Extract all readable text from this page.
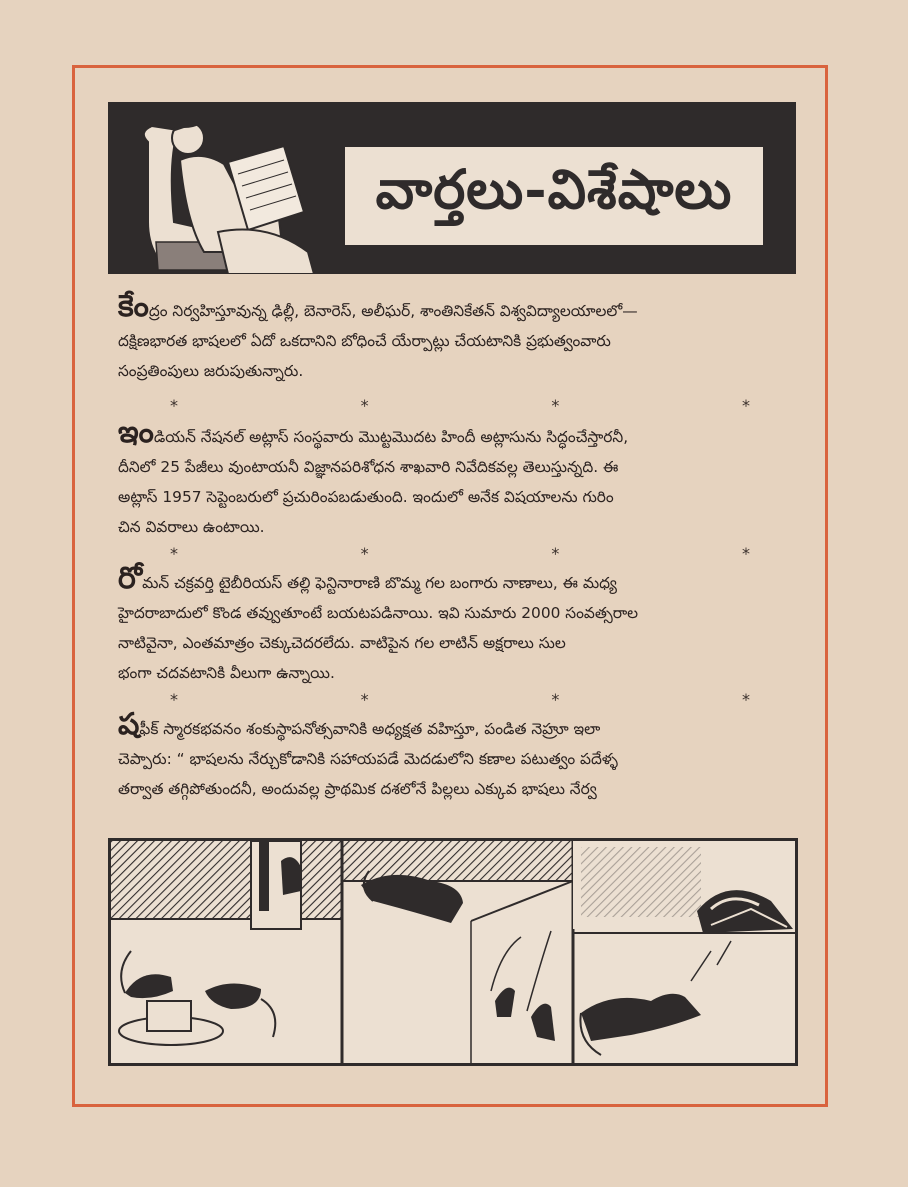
వార్తలు-విశేషాలు
కేంద్రం నిర్వహిస్తూవున్న ఢిల్లీ, బెనారెస్, అలీఘర్, శాంతినికేతన్ విశ్వవిద్యాలయాలలో—
దక్షిణభారత భాషలలో ఏదో ఒకదానిని బోధించే యేర్పాట్లు చేయటానికి ప్రభుత్వంవారు
సంప్రతింపులు జరుపుతున్నారు.
*	*	*	*
ఇండియన్ నేషనల్ అట్లాస్ సంస్థవారు మొట్టమొదట హిందీ అట్లాసును సిద్ధంచేస్తారనీ,
దీనిలో 25 పేజీలు వుంటాయనీ విజ్ఞానపరిశోధన శాఖవారి నివేదికవల్ల తెలుస్తున్నది. ఈ
అట్లాస్ 1957 సెప్టెంబరులో ప్రచురింపబడుతుంది. ఇందులో అనేక విషయాలను గురిం
చిన వివరాలు ఉంటాయి.
*	*	*	*
రోమన్ చక్రవర్తి టైబీరియస్ తల్లి ఫెన్టినారాణి బొమ్మ గల బంగారు నాణాలు, ఈ మధ్య
హైదరాబాదులో కొండ తవ్వుతూంటే బయటపడినాయి. ఇవి సుమారు 2000 సంవత్సరాల
నాటివైనా, ఎంతమాత్రం చెక్కుచెదరలేదు. వాటిపైన గల లాటిన్ అక్షరాలు సుల
భంగా చదవటానికి వీలుగా ఉన్నాయి.
*	*	*	*
షఫీక్ స్మారకభవనం శంకుస్థాపనోత్సవానికి అధ్యక్షత వహిస్తూ, పండిత నెహ్రూ ఇలా
చెప్పారు: “ భాషలను నేర్చుకోడానికి సహాయపడే మెదడులోని కణాల పటుత్వం పదేళ్ళ
తర్వాత తగ్గిపోతుందనీ, అందువల్ల ప్రాథమిక దశలోనే పిల్లలు ఎక్కువ భాషలు నేర్వ
